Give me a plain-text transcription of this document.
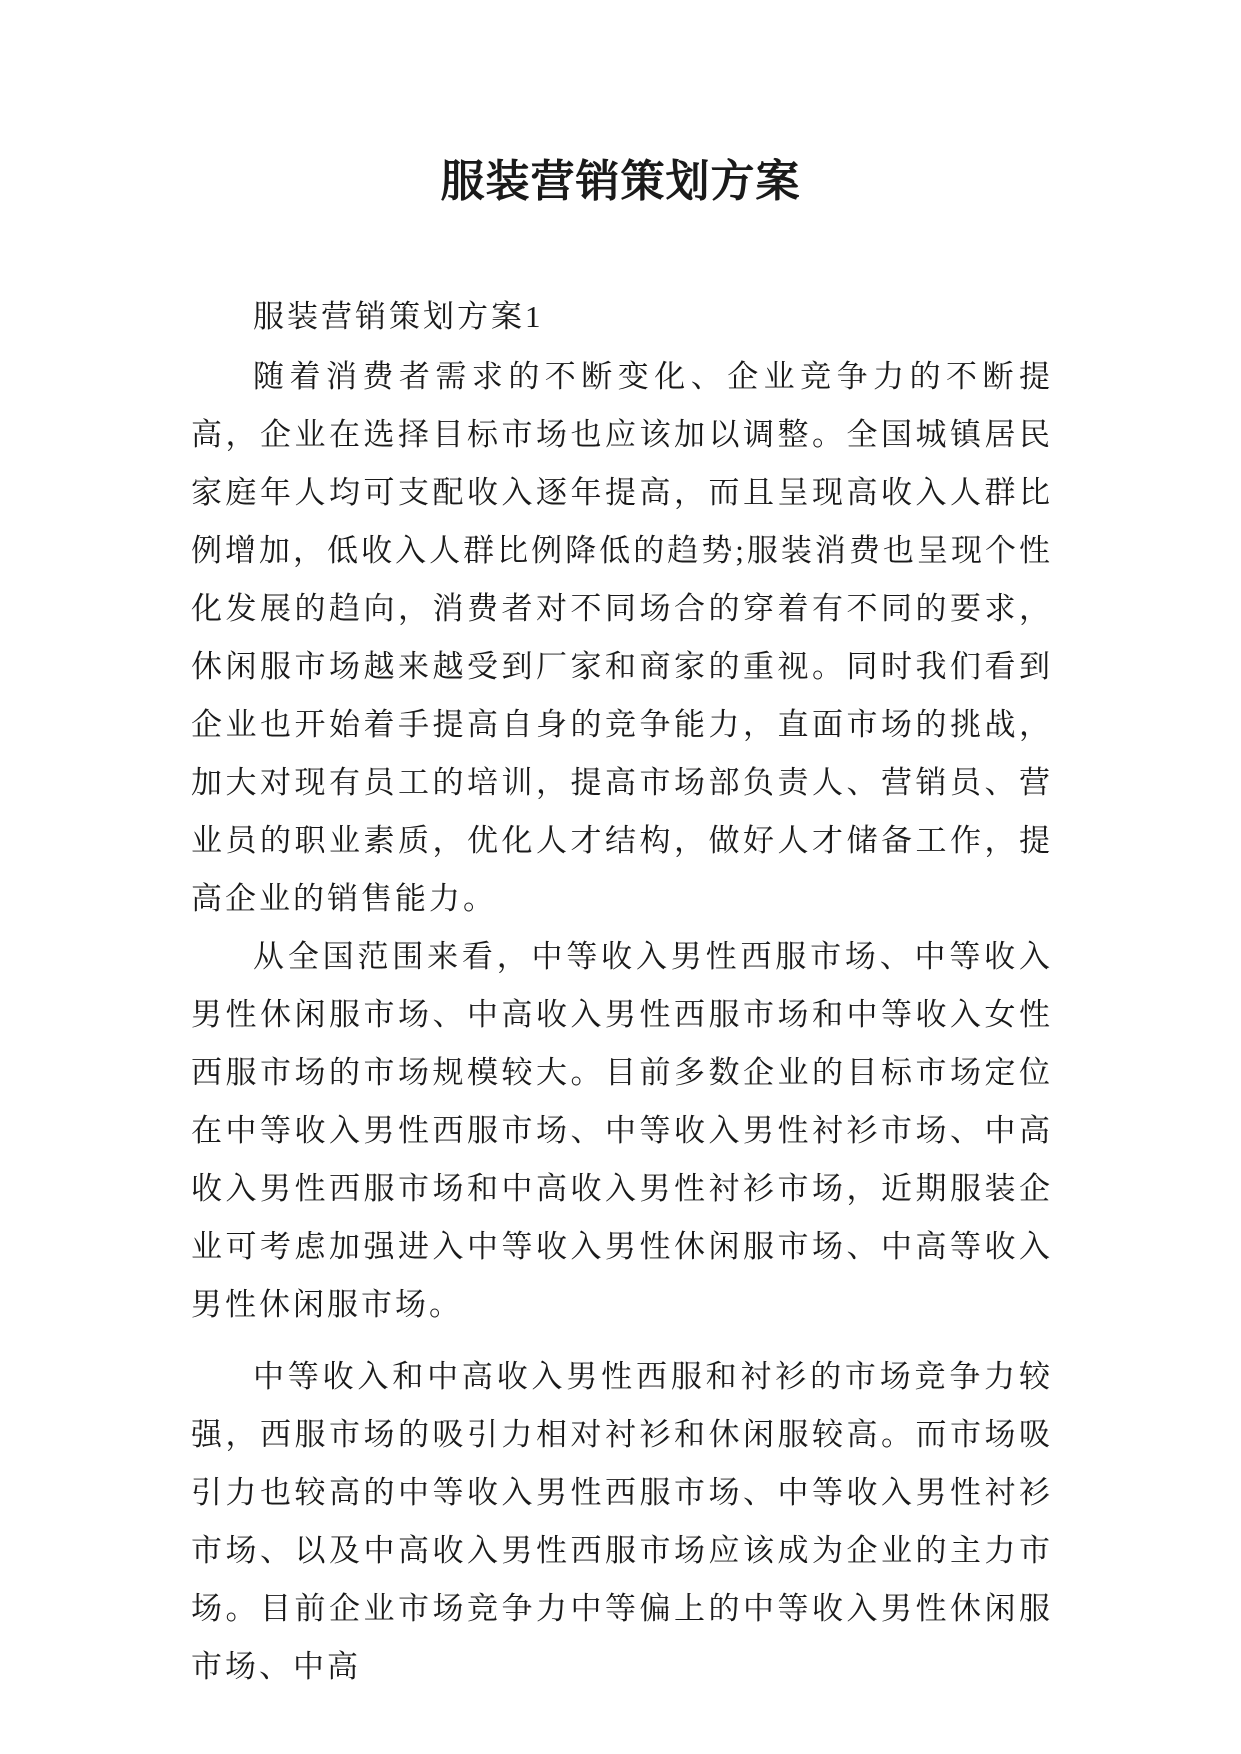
服装营销策划方案

服装营销策划方案1

随着消费者需求的不断变化、企业竞争力的不断提高，企业在选择目标市场也应该加以调整。全国城镇居民家庭年人均可支配收入逐年提高，而且呈现高收入人群比例增加，低收入人群比例降低的趋势;服装消费也呈现个性化发展的趋向，消费者对不同场合的穿着有不同的要求，休闲服市场越来越受到厂家和商家的重视。同时我们看到企业也开始着手提高自身的竞争能力，直面市场的挑战，加大对现有员工的培训，提高市场部负责人、营销员、营业员的职业素质，优化人才结构，做好人才储备工作，提高企业的销售能力。

从全国范围来看，中等收入男性西服市场、中等收入男性休闲服市场、中高收入男性西服市场和中等收入女性西服市场的市场规模较大。目前多数企业的目标市场定位在中等收入男性西服市场、中等收入男性衬衫市场、中高收入男性西服市场和中高收入男性衬衫市场，近期服装企业可考虑加强进入中等收入男性休闲服市场、中高等收入男性休闲服市场。

中等收入和中高收入男性西服和衬衫的市场竞争力较强，西服市场的吸引力相对衬衫和休闲服较高。而市场吸引力也较高的中等收入男性西服市场、中等收入男性衬衫市场、以及中高收入男性西服市场应该成为企业的主力市场。目前企业市场竞争力中等偏上的中等收入男性休闲服市场、中高
